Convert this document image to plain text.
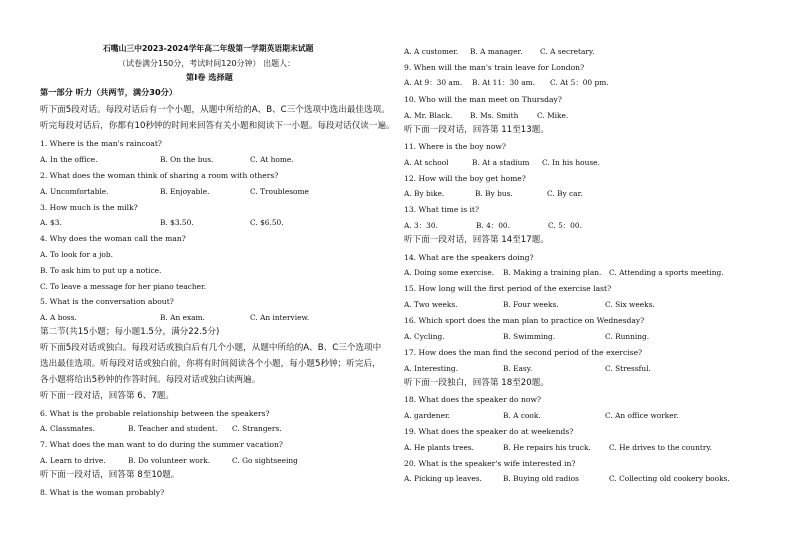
石嘴山三中2023-2024学年高二年级第一学期英语期末试题
（试卷满分150分，考试时间120分钟） 出题人：
第Ⅰ卷 选择题
第一部分 听力（共两节，满分30分）
听下面5段对话。每段对话后有一个小题，从题中所给的A、B、C三个选项中选出最佳选项。
听完每段对话后，你都有10秒钟的时间来回答有关小题和阅读下一小题。每段对话仅读一遍。
1. Where is the man's raincoat?
A. In the office.	B. On the bus.	C. At home.
2. What does the woman think of sharing a room with others?
A. Uncomfortable.	B. Enjoyable.	C. Troublesome
3. How much is the milk?
A. $3.	B. $3.50.	C. $6.50.
4. Why does the woman call the man?
A. To look for a job.
B. To ask him to put up a notice.
C. To leave a message for her piano teacher.
5. What is the conversation about?
A. A boss.	B. An exam.	C. An interview.
第二节(共15小题；每小题1.5分，满分22.5分)
听下面5段对话或独白。每段对话或独白后有几个小题，从题中所给的A、B、C三个选项中
选出最佳选项。听每段对话或独白前，你将有时间阅读各个小题，每小题5秒钟；听完后，
各小题将给出5秒钟的作答时间。每段对话或独白读两遍。
听下面一段对话，回答第 6、7题。
6. What is the probable relationship between the speakers?
A. Classmates.	B. Teacher and student. C. Strangers.
7. What does the man want to do during the summer vacation?
A. Learn to drive.	B. Do volunteer work.	C. Go sightseeing
听下面一段对话，回答第 8至10题。
8. What is the woman probably?
A. A customer. B. A manager. C. A secretary.
9. When will the man's train leave for London?
A. At 9：30 am. B. At 11：30 am. C. At 5：00 pm.
10. Who will the man meet on Thursday?
A. Mr. Black. B. Ms. Smith	C. Mike.
听下面一段对话，回答第 11至13题。
11. Where is the boy now?
A. At school	B. At a stadium C. In his house.
12. How will the boy get home?
A. By bike.	B. By bus.	C. By car.
13. What time is it?
A. 3：30.	B. 4：00.	C. 5：00.
听下面一段对话，回答第 14至17题。
14. What are the speakers doing?
A. Doing some exercise. B. Making a training plan. C. Attending a sports meeting.
15. How long will the first period of the exercise last?
A. Two weeks.	B. Four weeks.	C. Six weeks.
16. Which sport does the man plan to practice on Wednesday?
A. Cycling.	B. Swimming.	C. Running.
17. How does the man find the second period of the exercise?
A. Interesting.	B. Easy.	C. Stressful.
听下面一段独白，回答第 18至20题。
18. What does the speaker do now?
A. gardener.	B. A cook.	C. An office worker.
19. What does the speaker do at weekends?
A. He plants trees.	B. He repairs his truck. C. He drives to the country.
20. What is the speaker's wife interested in?
A. Picking up leaves.	B. Buying old radios	C. Collecting old cookery books.
